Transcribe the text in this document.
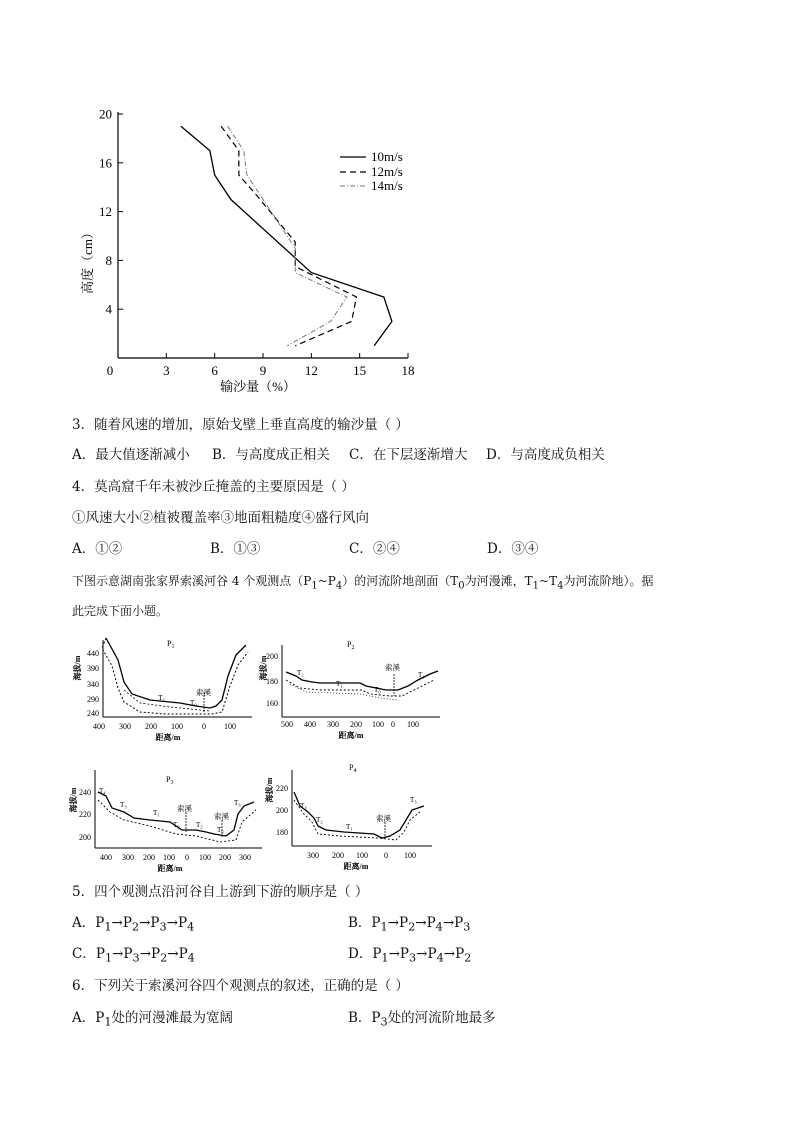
4
8
12
16
20
0	3	6	9	12	15	18
10m/s
12m/s
14m/s
高度（cm）
输沙量（%）
$P_1$
海拔/m
440
390
340
290
240
400 300 200 100 0 100
距离/m
索溪
T₁
T₀
$P_2$
海拔/m
200
180
160
500 400 300 200 100 0 100
距离/m
索溪
T₂
T₁
T₀
T₁
$P_3$
海拔/m 240
220
200
400 300 200 100 0 100 200 300
距离/m
索溪
索溪
T₄
T₃
T₁
T₀ T₂
T₀
T₃
$P_4$
海拔/m 220
200
180
300 200 100 0 100
距离/m
索溪
T₃
T₂
T₁
T₃
3．随着风速的增加，原始戈壁上垂直高度的输沙量（ ）
A．最大值逐渐减小 B．与高度成正相关 C．在下层逐渐增大 D．与高度成负相关
4．莫高窟千年未被沙丘掩盖的主要原因是（ ）
①风速大小②植被覆盖率③地面粗糙度④盛行风向
A．①②	B．①③	C．②④	D．③④
下图示意湖南张家界索溪河谷 4 个观测点$(P_1\sim P_4)$的河流阶地剖面（$T_0$为河漫滩，$T_1\sim T_4$为河流阶地）。据
此完成下面小题。
5．四个观测点沿河谷自上游到下游的顺序是（ ）
A．$P_1\to P_2\to P_3\to P_4$	B．$P_1\to P_2\to P_4\to P_3$
C．$P_1\to P_3\to P_2\to P_4$	D．$P_1\to P_3\to P_4\to P_2$
6．下列关于索溪河谷四个观测点的叙述，正确的是（ ）
A．$P_1$处的河漫滩最为宽阔	B．$P_3$处的河流阶地最多
